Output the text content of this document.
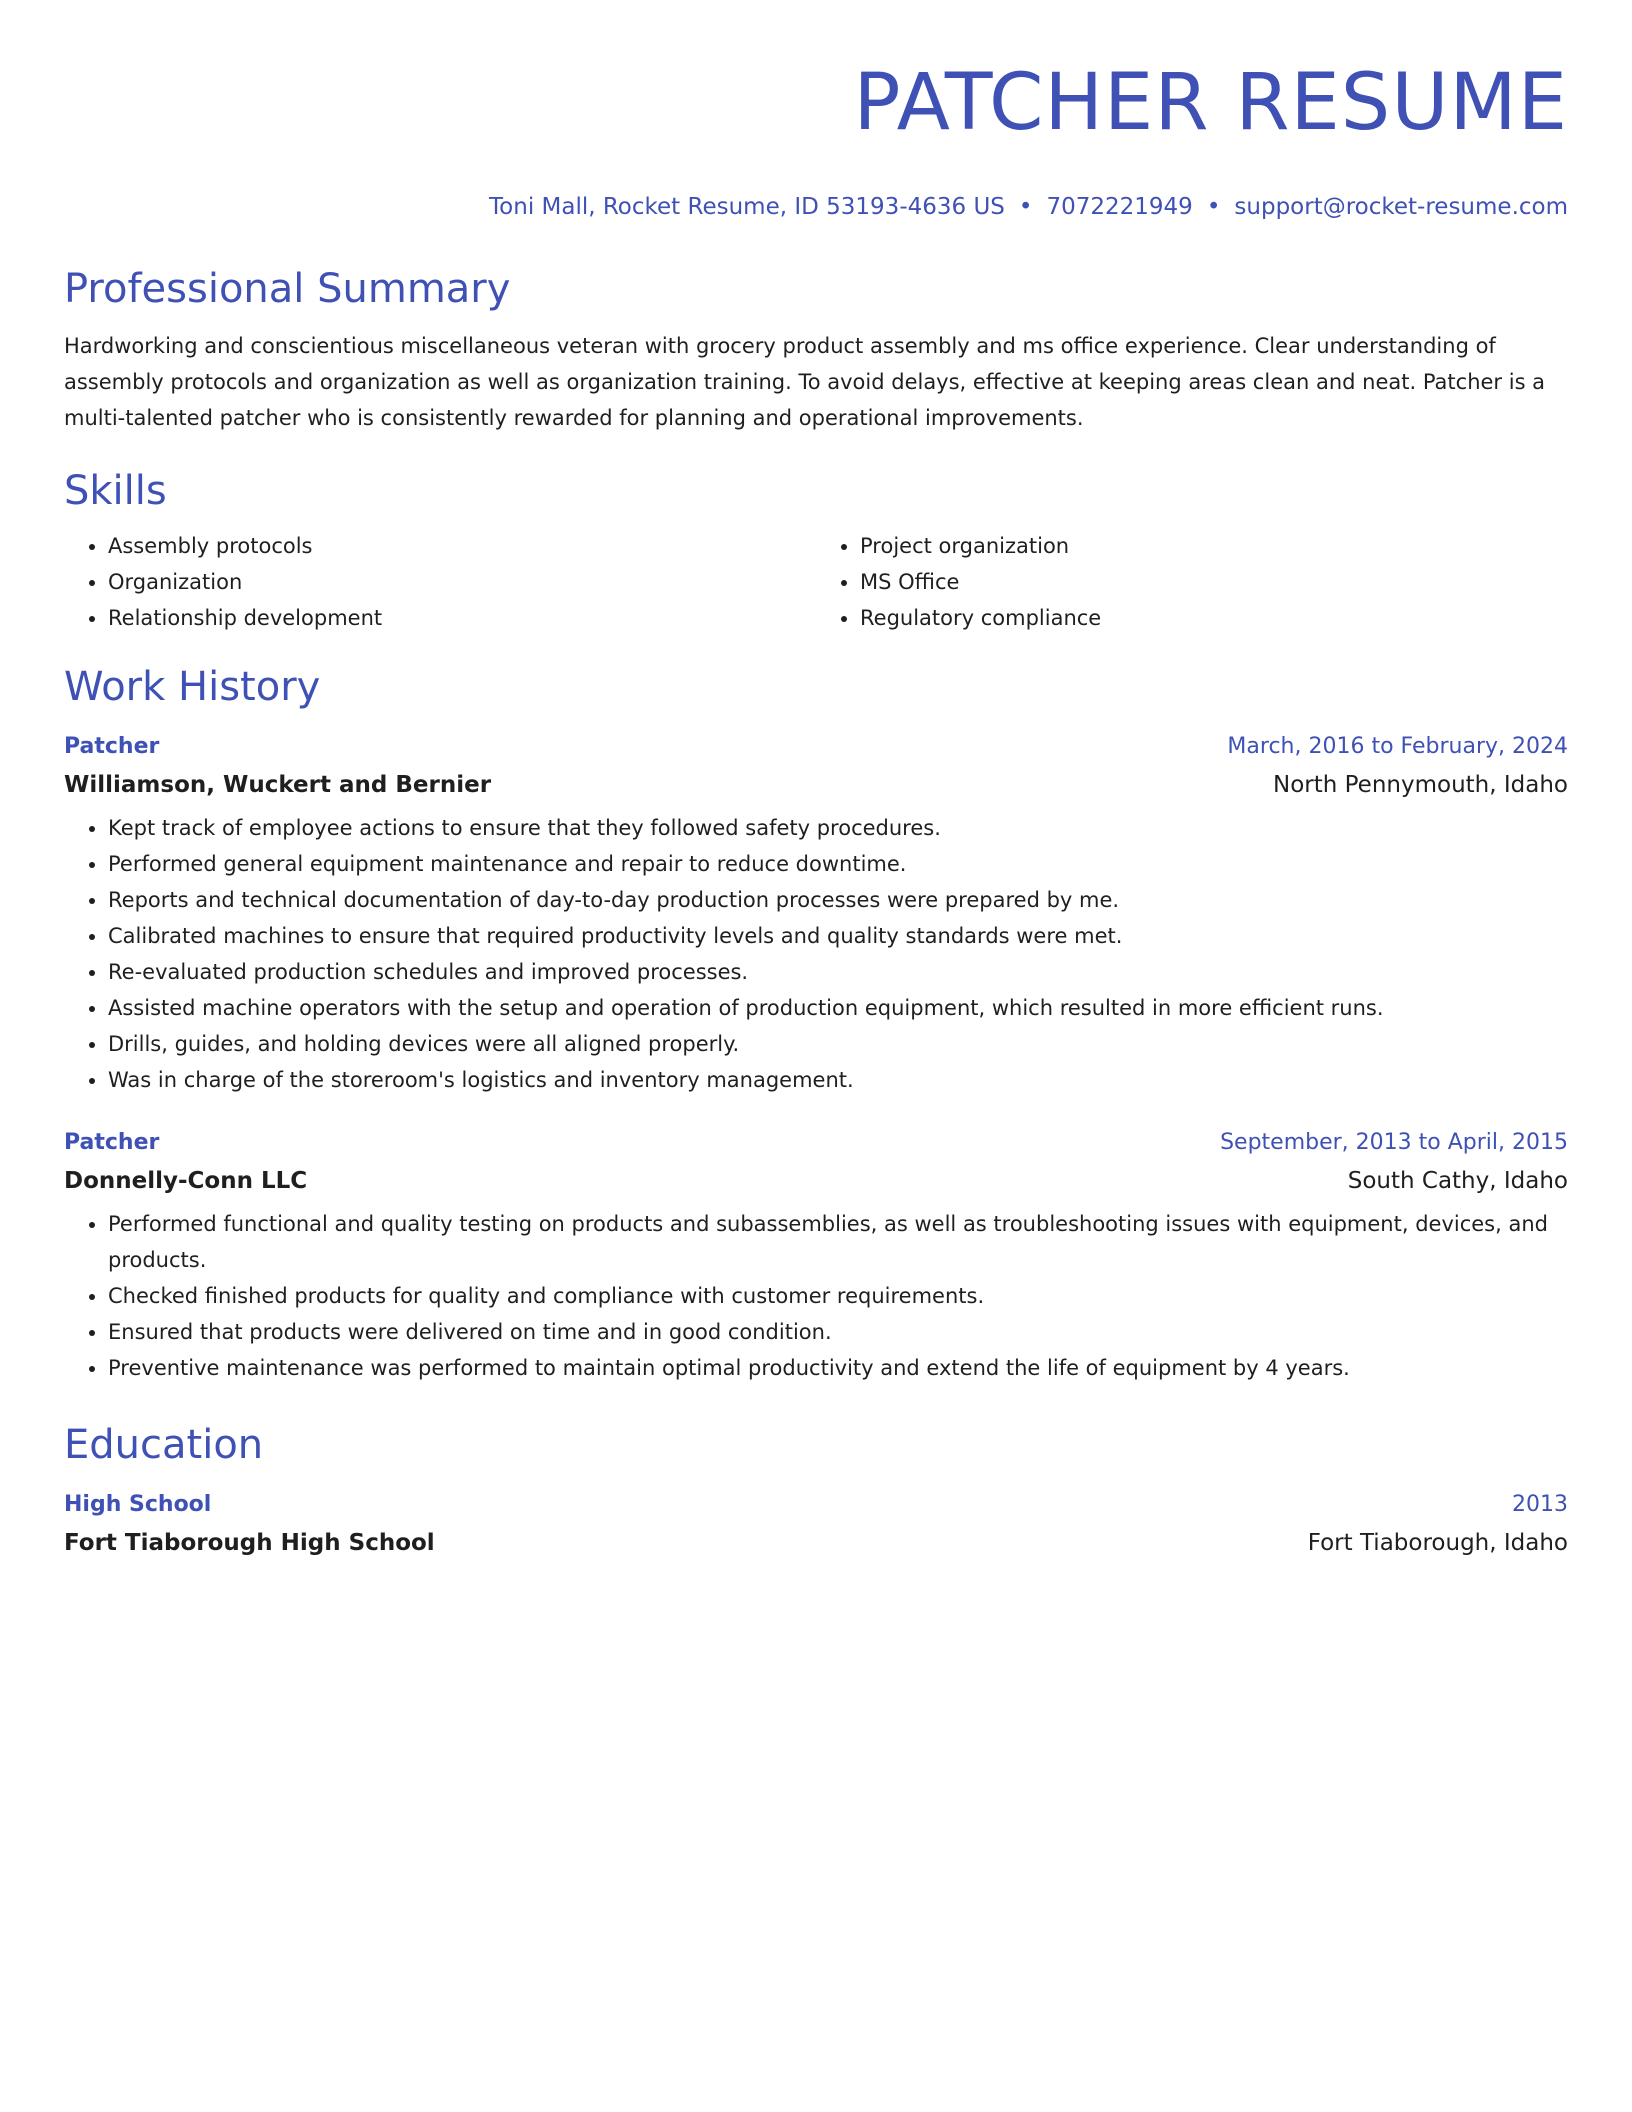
PATCHER RESUME
Toni Mall, Rocket Resume, ID 53193-4636 US • 7072221949 • support@rocket-resume.com
Professional Summary

Hardworking and conscientious miscellaneous veteran with grocery product assembly and ms office experience. Clear understanding of assembly protocols and organization as well as organization training. To avoid delays, effective at keeping areas clean and neat. Patcher is a multi-talented patcher who is consistently rewarded for planning and operational improvements.

Skills
• Assembly protocols
• Organization
• Relationship development
• Project organization
• MS Office
• Regulatory compliance
Work History
Patcher	March, 2016 to February, 2024
Williamson, Wuckert and Bernier	North Pennymouth, Idaho
• Kept track of employee actions to ensure that they followed safety procedures.
• Performed general equipment maintenance and repair to reduce downtime.
• Reports and technical documentation of day-to-day production processes were prepared by me.
• Calibrated machines to ensure that required productivity levels and quality standards were met.
• Re-evaluated production schedules and improved processes.
• Assisted machine operators with the setup and operation of production equipment, which resulted in more efficient runs.
• Drills, guides, and holding devices were all aligned properly.
• Was in charge of the storeroom's logistics and inventory management.
Patcher	September, 2013 to April, 2015
Donnelly-Conn LLC	South Cathy, Idaho
• Performed functional and quality testing on products and subassemblies, as well as troubleshooting issues with equipment, devices, and products.
• Checked finished products for quality and compliance with customer requirements.
• Ensured that products were delivered on time and in good condition.
• Preventive maintenance was performed to maintain optimal productivity and extend the life of equipment by 4 years.
Education
High School	2013
Fort Tiaborough High School	Fort Tiaborough, Idaho
